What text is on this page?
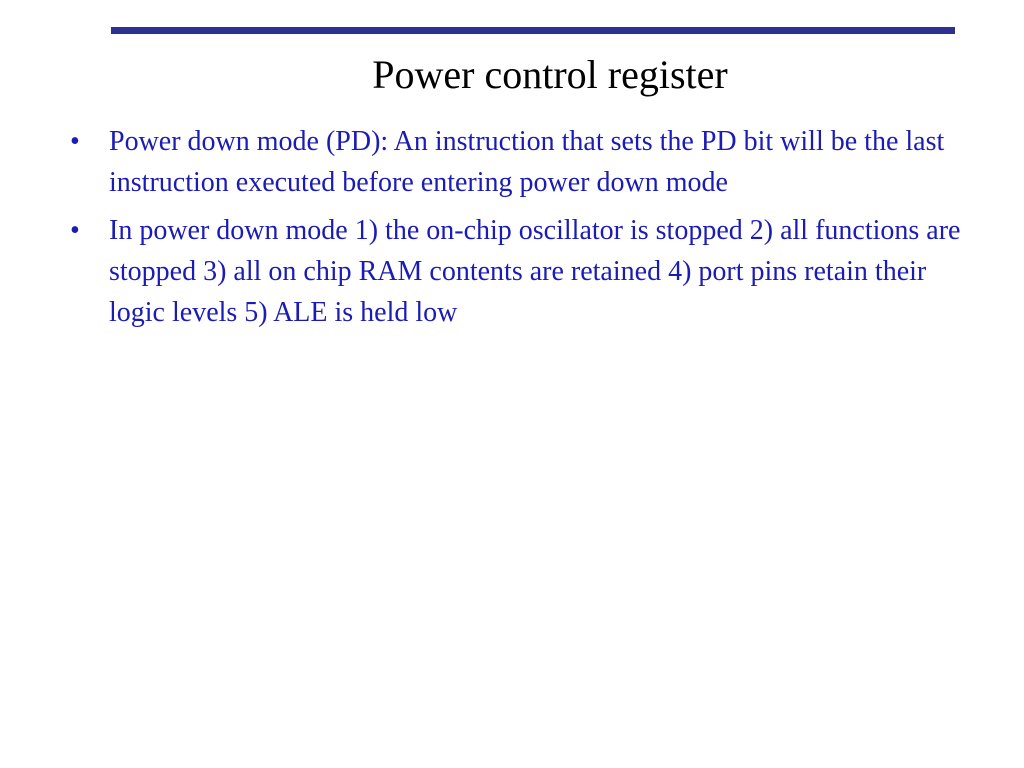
Power control register
•	Power down mode (PD): An instruction that sets the PD bit will be the last instruction executed before entering power down mode
•	In power down mode 1) the on-chip oscillator is stopped 2) all functions are stopped 3) all on chip RAM contents are retained 4) port pins retain their logic levels 5) ALE is held low
